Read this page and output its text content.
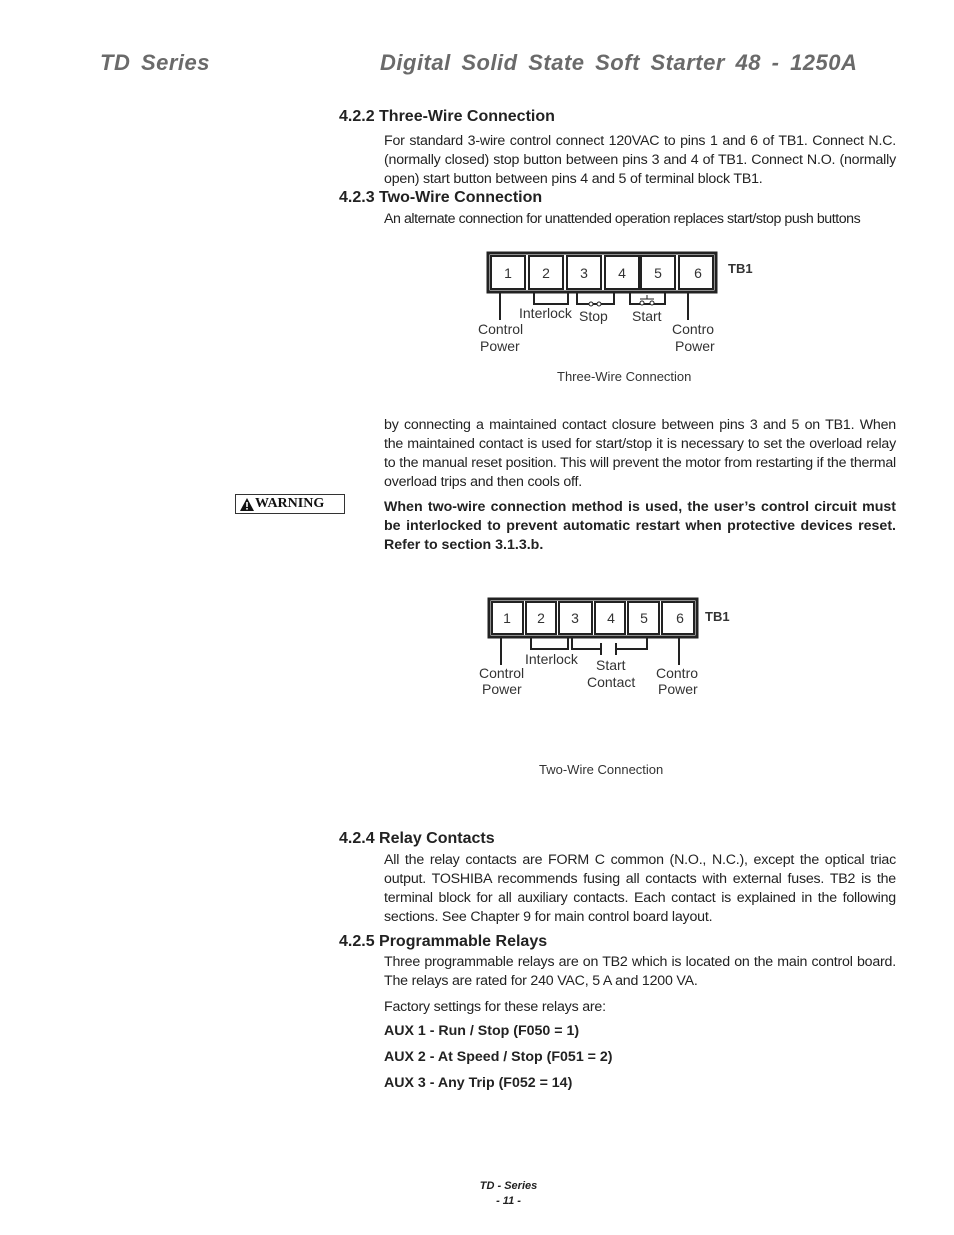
TD Series	Digital Solid State Soft Starter 48 - 1250A
4.2.2 Three-Wire Connection

For standard 3-wire control connect 120VAC to pins 1 and 6 of TB1. Connect N.C. (normally closed) stop button between pins 3 and 4 of TB1. Connect N.O. (normally open) start button between pins 4 and 5 of terminal block TB1.

4.2.3 Two-Wire Connection

An alternate connection for unattended operation replaces start/stop push buttons

1 2 3 4 5 6 TB1
Interlock Stop Start
Control
Power
Contro
Power
Three-Wire Connection

by connecting a maintained contact closure between pins 3 and 5 on TB1. When the maintained contact is used for start/stop it is necessary to set the overload relay to the manual reset position. This will prevent the motor from restarting if the thermal overload trips and then cools off.

WARNING	When two-wire connection method is used, the user’s control circuit must be interlocked to prevent automatic restart when protective devices reset. Refer to section 3.1.3.b.

1 2 3 4 5 6 TB1
Interlock Start
Contact
Control
Power
Contro
Power
Two-Wire Connection
4.2.4 Relay Contacts

All the relay contacts are FORM C common (N.O., N.C.), except the optical triac output. TOSHIBA recommends fusing all contacts with external fuses. TB2 is the terminal block for all auxiliary contacts. Each contact is explained in the following sections. See Chapter 9 for main control board layout.

4.2.5 Programmable Relays

Three programmable relays are on TB2 which is located on the main control board. The relays are rated for 240 VAC, 5 A and 1200 VA.

Factory settings for these relays are:
AUX 1 - Run / Stop (F050 = 1)
AUX 2 - At Speed / Stop (F051 = 2)
AUX 3 - Any Trip (F052 = 14)
TD - Series
- 11 -
